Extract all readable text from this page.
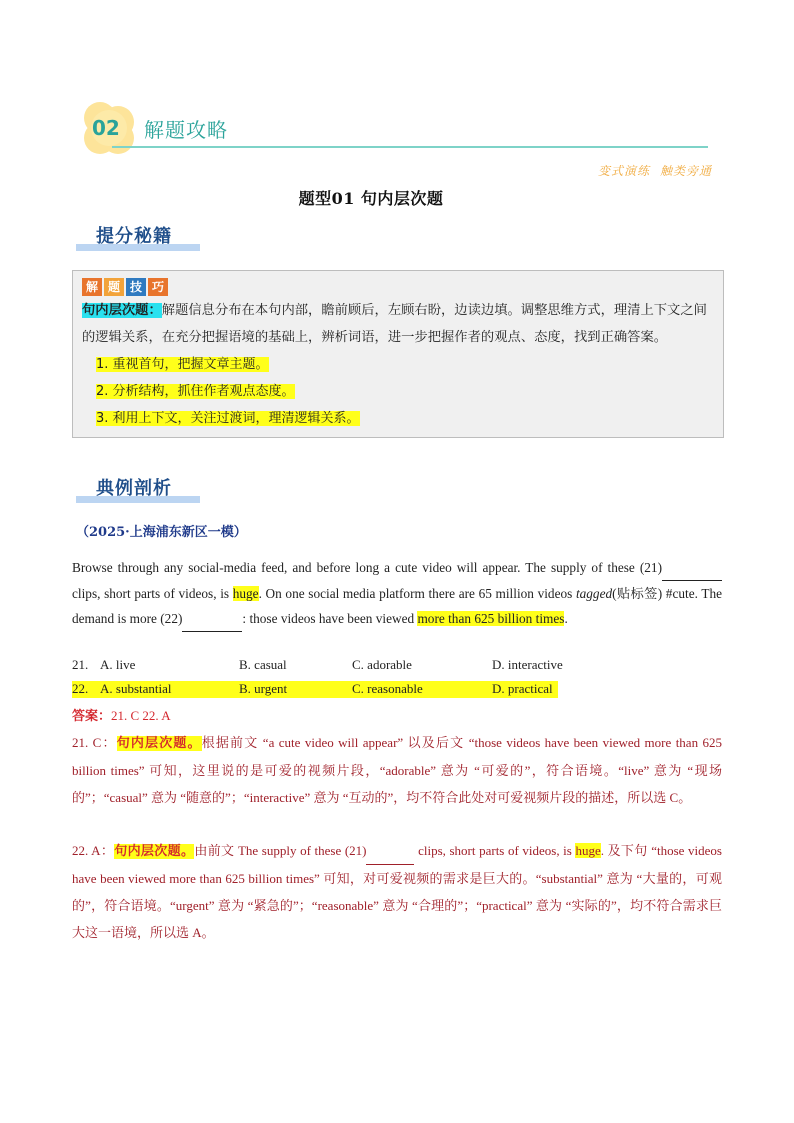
02 解题攻略
变式演练 触类旁通
题型01 句内层次题
提分秘籍
解 题 技 巧
句内层次题：解题信息分布在本句内部，瞻前顾后，左顾右盼，边读边填。调整思维方式，理清上下文之间的逻辑关系，在充分把握语境的基础上，辨析词语，进一步把握作者的观点、态度，找到正确答案。
1. 重视首句，把握文章主题。
2. 分析结构，抓住作者观点态度。
3. 利用上下文，关注过渡词，理清逻辑关系。
典例剖析
（2025·上海浦东新区一模）
Browse through any social-media feed, and before long a cute video will appear. The supply of these (21)  clips, short parts of videos, is huge. On one social media platform there are 65 million videos tagged(贴标签) #cute. The demand is more (22)	: those videos have been viewed more than 625 billion times.
21. A. live	B. casual	C. adorable	D. interactive
22. A. substantial	B. urgent	C. reasonable	D. practical
答案：21. C 22. A
21. C：句内层次题。根据前文 “a cute video will appear” 以及后文 “those videos have been viewed more than 625 billion times” 可知，这里说的是可爱的视频片段，“adorable” 意为 “可爱的”，符合语境。“live” 意为 “现场的”；“casual” 意为 “随意的”；“interactive” 意为 “互动的”，均不符合此处对可爱视频片段的描述，所以选 C。
22. A：句内层次题。由前文 The supply of these (21)	clips, short parts of videos, is huge. 及下句 “those videos have been viewed more than 625 billion times” 可知，对可爱视频的需求是巨大的。“substantial” 意为 “大量的，可观的”，符合语境。“urgent” 意为 “紧急的”；“reasonable” 意为 “合理的”；“practical” 意为 “实际的”，均不符合需求巨大这一语境，所以选 A。
